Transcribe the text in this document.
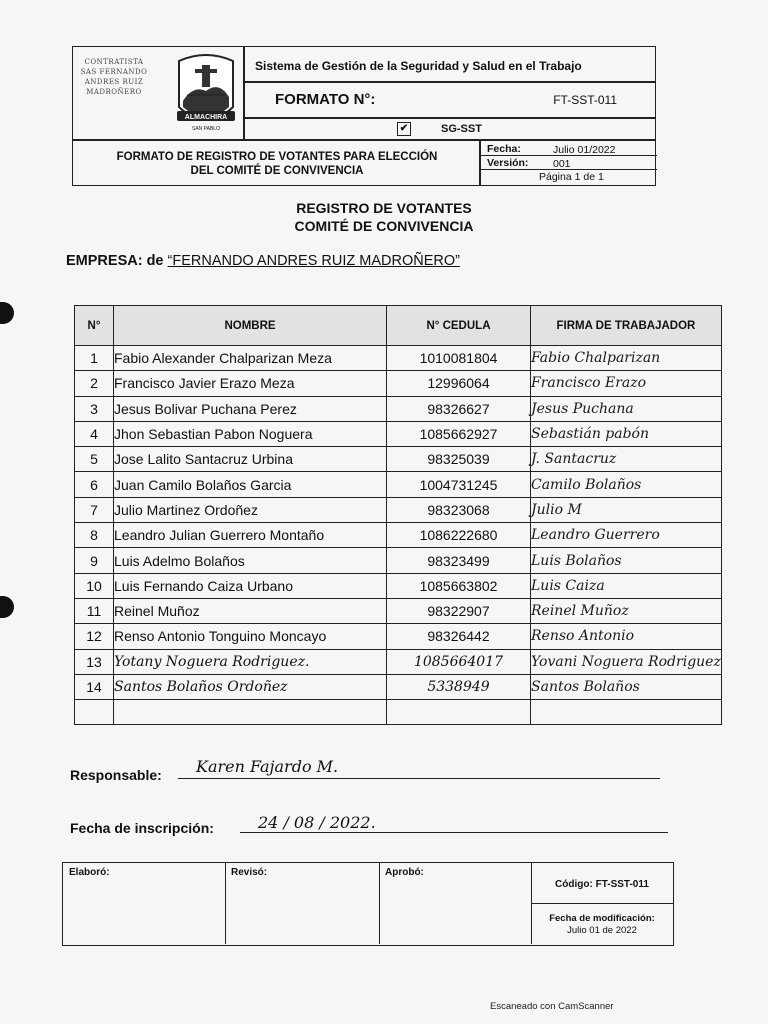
CONTRATISTA SAS FERNANDO ANDRES RUIZ MADROÑERO
ALMACHIRA
SAN PABLO
Sistema de Gestión de la Seguridad y Salud en el Trabajo
FORMATO N°:	FT-SST-011
✔	SG-SST
FORMATO DE REGISTRO DE VOTANTES PARA ELECCIÓN
DEL COMITÉ DE CONVIVENCIA
Fecha:	Julio 01/2022
Versión: 001
Página 1 de 1
REGISTRO DE VOTANTES
COMITÉ DE CONVIVENCIA
EMPRESA: de “FERNANDO ANDRES RUIZ MADROÑERO”
N°	NOMBRE	N° CEDULA	FIRMA DE TRABAJADOR
1	Fabio Alexander Chalparizan Meza	1010081804	Fabio Chalparizan
2	Francisco Javier Erazo Meza	12996064	Francisco Erazo
3	Jesus Bolivar Puchana Perez	98326627	Jesus Puchana
4	Jhon Sebastian Pabon Noguera	1085662927	Sebastián pabón
5	Jose Lalito Santacruz Urbina	98325039	J. Santacruz
6	Juan Camilo Bolaños Garcia	1004731245	Camilo Bolaños
7	Julio Martinez Ordoñez	98323068	Julio M
8	Leandro Julian Guerrero Montaño	1086222680	Leandro Guerrero
9	Luis Adelmo Bolaños	98323499	Luis Bolaños
10	Luis Fernando Caiza Urbano	1085663802	Luis Caiza
11	Reinel Muñoz	98322907	Reinel Muñoz
12	Renso Antonio Tonguino Moncayo	98326442	Renso Antonio
13	Yotany Noguera Rodriguez.	1085664017	Yovani Noguera Rodriguez
14	Santos Bolaños Ordoñez	5338949	Santos Bolaños

Responsable: Karen Fajardo M.
Fecha de inscripción:	24 / 08 / 2022.
Elaboró:	Revisó:	Aprobó:
Código: FT-SST-011
Fecha de modificación:
Julio 01 de 2022
Escaneado con CamScanner
